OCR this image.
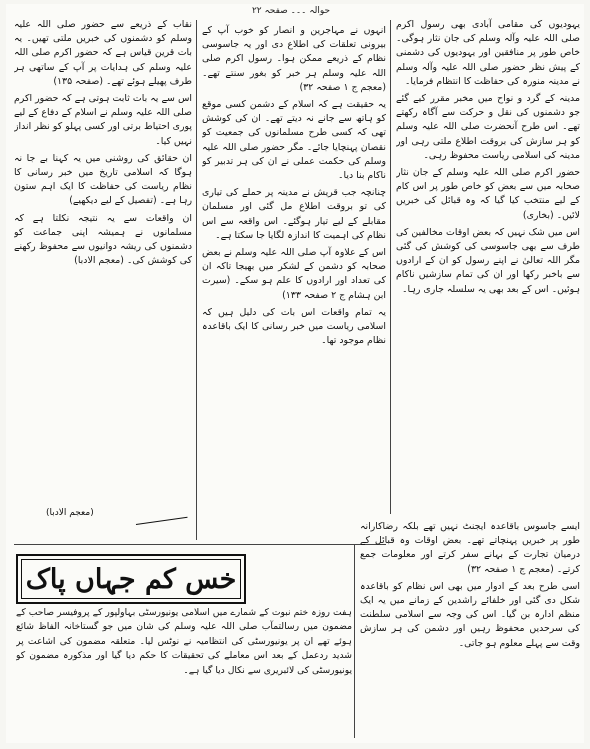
حوالہ ۔۔۔ صفحہ ۲۲

یہودیوں کی مقامی آبادی بھی رسول اکرم صلی اللہ علیہ وآلہ وسلم کی جان نثار ہوگی۔ خاص طور پر منافقین اور یہودیوں کی دشمنی کے پیش نظر حضور صلی اللہ علیہ وآلہ وسلم نے مدینہ منورہ کی حفاظت کا انتظام فرمایا۔

مدینہ کے گرد و نواح میں مخبر مقرر کیے گئے جو دشمنوں کی نقل و حرکت سے آگاہ رکھتے تھے۔ اس طرح آنحضرت صلی اللہ علیہ وسلم کو ہر سازش کی بروقت اطلاع ملتی رہی اور مدینہ کی اسلامی ریاست محفوظ رہی۔

حضور اکرم صلی اللہ علیہ وسلم کے جان نثار صحابہ میں سے بعض کو خاص طور پر اس کام کے لیے منتخب کیا گیا کہ وہ قبائل کی خبریں لائیں۔ (بخاری)

اس میں شک نہیں کہ بعض اوقات مخالفین کی طرف سے بھی جاسوسی کی کوشش کی گئی مگر اللہ تعالیٰ نے اپنے رسول کو ان کے ارادوں سے باخبر رکھا اور ان کی تمام سازشیں ناکام ہوئیں۔ اس کے بعد بھی یہ سلسلہ جاری رہا۔

انہوں نے مہاجرین و انصار کو خوب آپ کے بیرونی تعلقات کی اطلاع دی اور یہ جاسوسی نظام کے ذریعے ممکن ہوا۔ رسول اکرم صلی اللہ علیہ وسلم ہر خبر کو بغور سنتے تھے۔ (معجم ج ۱ صفحہ ۳۲)

یہ حقیقت ہے کہ اسلام کے دشمن کسی موقع کو ہاتھ سے جانے نہ دیتے تھے۔ ان کی کوشش تھی کہ کسی طرح مسلمانوں کی جمعیت کو نقصان پہنچایا جائے۔ مگر حضور صلی اللہ علیہ وسلم کی حکمت عملی نے ان کی ہر تدبیر کو ناکام بنا دیا۔

چنانچہ جب قریش نے مدینہ پر حملے کی تیاری کی تو بروقت اطلاع مل گئی اور مسلمان مقابلے کے لیے تیار ہوگئے۔ اس واقعہ سے اس نظام کی اہمیت کا اندازہ لگایا جا سکتا ہے۔

اس کے علاوہ آپ صلی اللہ علیہ وسلم نے بعض صحابہ کو دشمن کے لشکر میں بھیجا تاکہ ان کی تعداد اور ارادوں کا علم ہو سکے۔ (سیرت ابن ہشام ج ۲ صفحہ ۱۳۳)

یہ تمام واقعات اس بات کی دلیل ہیں کہ اسلامی ریاست میں خبر رسانی کا ایک باقاعدہ نظام موجود تھا۔

نقاب کے ذریعے سے حضور صلی اللہ علیہ وسلم کو دشمنوں کی خبریں ملتی تھیں۔ یہ بات قرین قیاس ہے کہ حضور اکرم صلی اللہ علیہ وسلم کی ہدایات پر آپ کے ساتھی ہر طرف پھیلے ہوئے تھے۔ (صفحہ ۱۳۵)

اس سے یہ بات ثابت ہوتی ہے کہ حضور اکرم صلی اللہ علیہ وسلم نے اسلام کے دفاع کے لیے پوری احتیاط برتی اور کسی پہلو کو نظر انداز نہیں کیا۔

ان حقائق کی روشنی میں یہ کہنا بے جا نہ ہوگا کہ اسلامی تاریخ میں خبر رسانی کا نظام ریاست کی حفاظت کا ایک اہم ستون رہا ہے۔ (تفصیل کے لیے دیکھیے)

ان واقعات سے یہ نتیجہ نکلتا ہے کہ مسلمانوں نے ہمیشہ اپنی جماعت کو دشمنوں کی ریشہ دوانیوں سے محفوظ رکھنے کی کوشش کی۔ (معجم الادبا)

(معجم الادبا)

ایسے جاسوس باقاعدہ ایجنٹ نہیں تھے بلکہ رضاکارانہ طور پر خبریں پہنچاتے تھے۔ بعض اوقات وہ قبائل کے درمیان تجارت کے بہانے سفر کرتے اور معلومات جمع کرتے۔ (معجم ج ۱ صفحہ ۳۲)

اسی طرح بعد کے ادوار میں بھی اس نظام کو باقاعدہ شکل دی گئی اور خلفائے راشدین کے زمانے میں یہ ایک منظم ادارہ بن گیا۔ اس کی وجہ سے اسلامی سلطنت کی سرحدیں محفوظ رہیں اور دشمن کی ہر سازش وقت سے پہلے معلوم ہو جاتی۔

خس کم جہاں پاک
ہفت روزہ ختم نبوت کے شمارے میں اسلامی یونیورسٹی بہاولپور کے پروفیسر صاحب کے مضمون میں رسالتمآب صلی اللہ علیہ وسلم کی شان میں جو گستاخانہ الفاظ شائع ہوئے تھے ان پر یونیورسٹی کی انتظامیہ نے نوٹس لیا۔ متعلقہ مضمون کی اشاعت پر شدید ردعمل کے بعد اس معاملے کی تحقیقات کا حکم دیا گیا اور مذکورہ مضمون کو یونیورسٹی کی لائبریری سے نکال دیا گیا ہے۔
